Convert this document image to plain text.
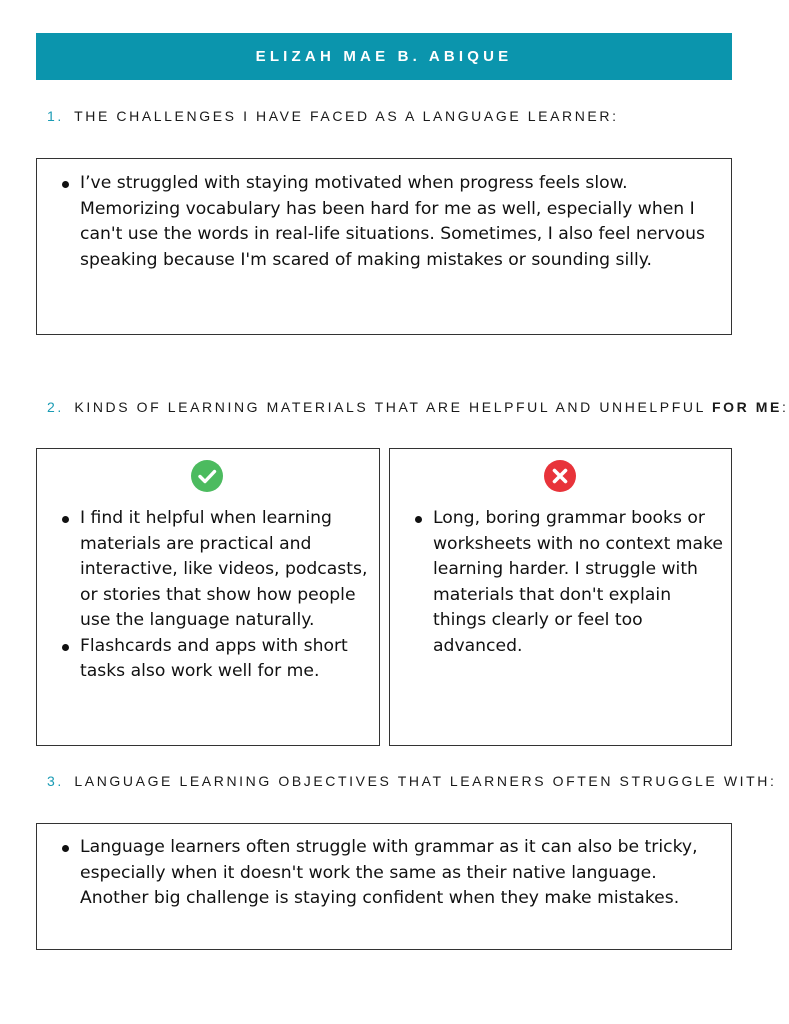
ELIZAH MAE B. ABIQUE
1. THE CHALLENGES I HAVE FACED AS A LANGUAGE LEARNER:
I’ve struggled with staying motivated when progress feels slow. Memorizing vocabulary has been hard for me as well, especially when I can't use the words in real-life situations. Sometimes, I also feel nervous speaking because I'm scared of making mistakes or sounding silly.
2. KINDS OF LEARNING MATERIALS THAT ARE HELPFUL AND UNHELPFUL FOR ME:
I find it helpful when learning materials are practical and interactive, like videos, podcasts, or stories that show how people use the language naturally.
Flashcards and apps with short tasks also work well for me.
Long, boring grammar books or worksheets with no context make learning harder. I struggle with materials that don't explain things clearly or feel too advanced.
3. LANGUAGE LEARNING OBJECTIVES THAT LEARNERS OFTEN STRUGGLE WITH:
Language learners often struggle with grammar as it can also be tricky, especially when it doesn't work the same as their native language. Another big challenge is staying confident when they make mistakes.
